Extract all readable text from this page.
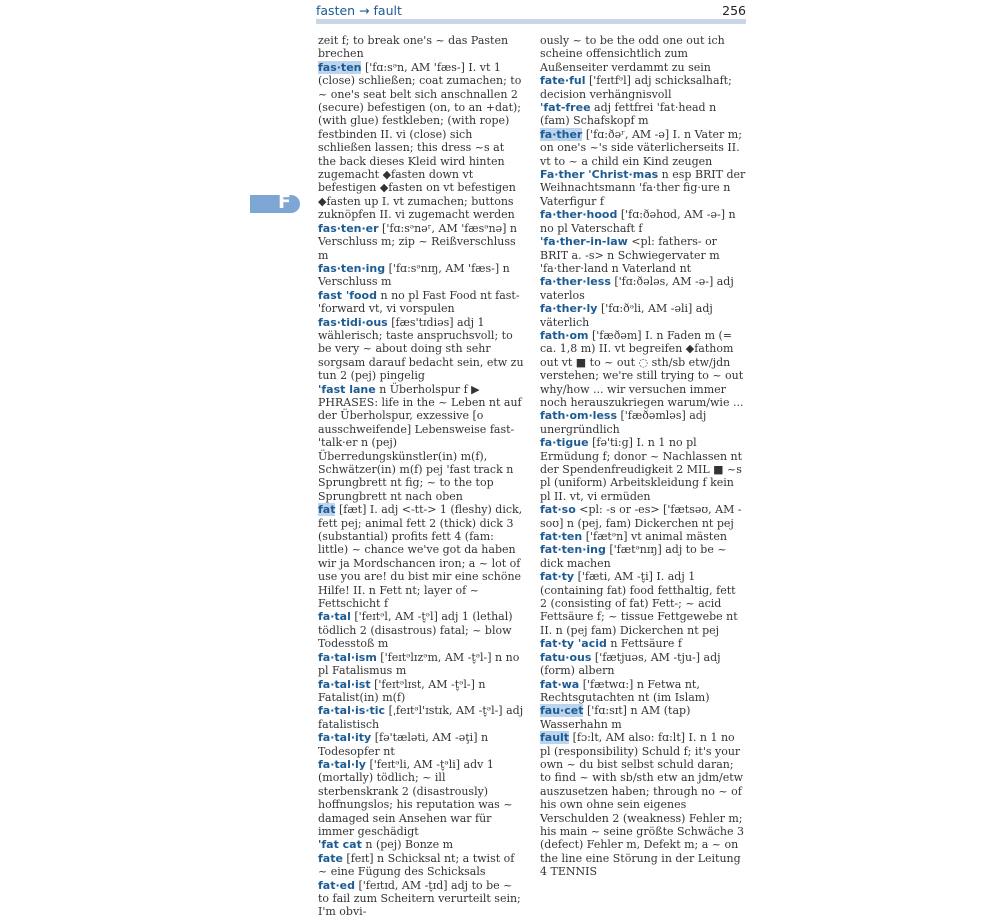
fasten → fault	256
F

zeit f; to break one's ~ das Pasten brechen

fas·ten ['fɑ:sᵊn, AM 'fæs-] I. vt 1 (close) schließen; coat zumachen; to ~ one's seat belt sich anschnallen 2 (secure) befestigen (on, to an +dat); (with glue) festkleben; (with rope) festbinden II. vi (close) sich schließen lassen; this dress ~s at the back dieses Kleid wird hinten zugemacht ◆fasten down vt befestigen ◆fasten on vt befestigen ◆fasten up I. vt zumachen; buttons zuknöpfen II. vi zugemacht werden

fas·ten·er ['fɑ:sᵊnəʳ, AM 'fæsᵊnə] n Verschluss m; zip ~ Reißverschluss m

fas·ten·ing ['fɑ:sᵊnɪŋ, AM 'fæs-] n Verschluss m

fast 'food n no pl Fast Food nt fast-'forward vt, vi vorspulen

fas·tidi·ous [fæs'tɪdiəs] adj 1 wählerisch; taste anspruchsvoll; to be very ~ about doing sth sehr sorgsam darauf bedacht sein, etw zu tun 2 (pej) pingelig

'fast lane n Überholspur f ▶ PHRASES: life in the ~ Leben nt auf der Überholspur, exzessive [o ausschweifende] Lebensweise fast-'talk·er n (pej) Überredungskünstler(in) m(f), Schwätzer(in) m(f) pej 'fast track n Sprungbrett nt fig; ~ to the top Sprungbrett nt nach oben

fat [fæt] I. adj <-tt-> 1 (fleshy) dick, fett pej; animal fett 2 (thick) dick 3 (substantial) profits fett 4 (fam: little) ~ chance we've got da haben wir ja Mordschancen iron; a ~ lot of use you are! du bist mir eine schöne Hilfe! II. n Fett nt; layer of ~ Fettschicht f

fa·tal ['feɪtᵊl, AM -t̬ᵊl] adj 1 (lethal) tödlich 2 (disastrous) fatal; ~ blow Todesstoß m

fa·tal·ism ['feɪtᵊlɪzᵊm, AM -t̬ᵊl-] n no pl Fatalismus m

fa·tal·ist ['feɪtᵊlɪst, AM -t̬ᵊl-] n Fatalist(in) m(f)

fa·tal·is·tic [ˌfeɪtᵊl'ɪstɪk, AM -t̬ᵊl-] adj fatalistisch

fa·tal·ity [fə'tæləti, AM -əţi] n Todesopfer nt

fa·tal·ly ['feɪtᵊli, AM -t̬ᵊli] adv 1 (mortally) tödlich; ~ ill sterbenskrank 2 (disastrously) hoffnungslos; his reputation was ~ damaged sein Ansehen war für immer geschädigt

'fat cat n (pej) Bonze m

fate [feɪt] n Schicksal nt; a twist of ~ eine Fügung des Schicksals

fat·ed ['feɪtɪd, AM -t̬ɪd] adj to be ~ to fail zum Scheitern verurteilt sein; I'm obvi-

ously ~ to be the odd one out ich scheine offensichtlich zum Außenseiter verdammt zu sein

fate·ful ['feɪtfᵊl] adj schicksalhaft; decision verhängnisvoll

'fat-free adj fettfrei 'fat·head n (fam) Schafskopf m

fa·ther ['fɑ:ðəʳ, AM -ə] I. n Vater m; on one's ~'s side väterlicherseits II. vt to ~ a child ein Kind zeugen

Fa·ther 'Christ·mas n esp BRIT der Weihnachtsmann 'fa·ther fig·ure n Vaterfigur f

fa·ther·hood ['fɑ:ðəhʊd, AM -ə-] n no pl Vaterschaft f

'fa·ther-in-law <pl: fathers- or BRIT a. -s> n Schwiegervater m 'fa·ther·land n Vaterland nt

fa·ther·less ['fɑ:ðələs, AM -ə-] adj vaterlos

fa·ther·ly ['fɑ:ðᵊli, AM -əli] adj väterlich

fath·om ['fæðəm] I. n Faden m (= ca. 1,8 m) II. vt begreifen ◆fathom out vt ■ to ~ out ◌ sth/sb etw/jdn verstehen; we're still trying to ~ out why/how ... wir versuchen immer noch herauszukriegen warum/wie ...

fath·om·less ['fæðəmləs] adj unergründlich

fa·tigue [fə'ti:g] I. n 1 no pl Ermüdung f; donor ~ Nachlassen nt der Spendenfreudigkeit 2 MIL ■ ~s pl (uniform) Arbeitskleidung f kein pl II. vt, vi ermüden

fat·so <pl: -s or -es> ['fætsəʊ, AM -soʊ] n (pej, fam) Dickerchen nt pej

fat·ten ['fætᵊn] vt animal mästen

fat·ten·ing ['fætᵊnɪŋ] adj to be ~ dick machen

fat·ty ['fæti, AM -t̬i] I. adj 1 (containing fat) food fetthaltig, fett 2 (consisting of fat) Fett-; ~ acid Fettsäure f; ~ tissue Fettgewebe nt II. n (pej fam) Dickerchen nt pej

fat·ty 'acid n Fettsäure f

fatu·ous ['fætjuəs, AM -tju-] adj (form) albern

fat·wa ['fætwɑ:] n Fetwa nt, Rechtsgutachten nt (im Islam)

fau·cet ['fɑ:sɪt] n AM (tap) Wasserhahn m

fault [fɔ:lt, AM also: fɑ:lt] I. n 1 no pl (responsibility) Schuld f; it's your own ~ du bist selbst schuld daran; to find ~ with sb/sth etw an jdm/etw auszusetzen haben; through no ~ of his own ohne sein eigenes Verschulden 2 (weakness) Fehler m; his main ~ seine größte Schwäche 3 (defect) Fehler m, Defekt m; a ~ on the line eine Störung in der Leitung 4 TENNIS
